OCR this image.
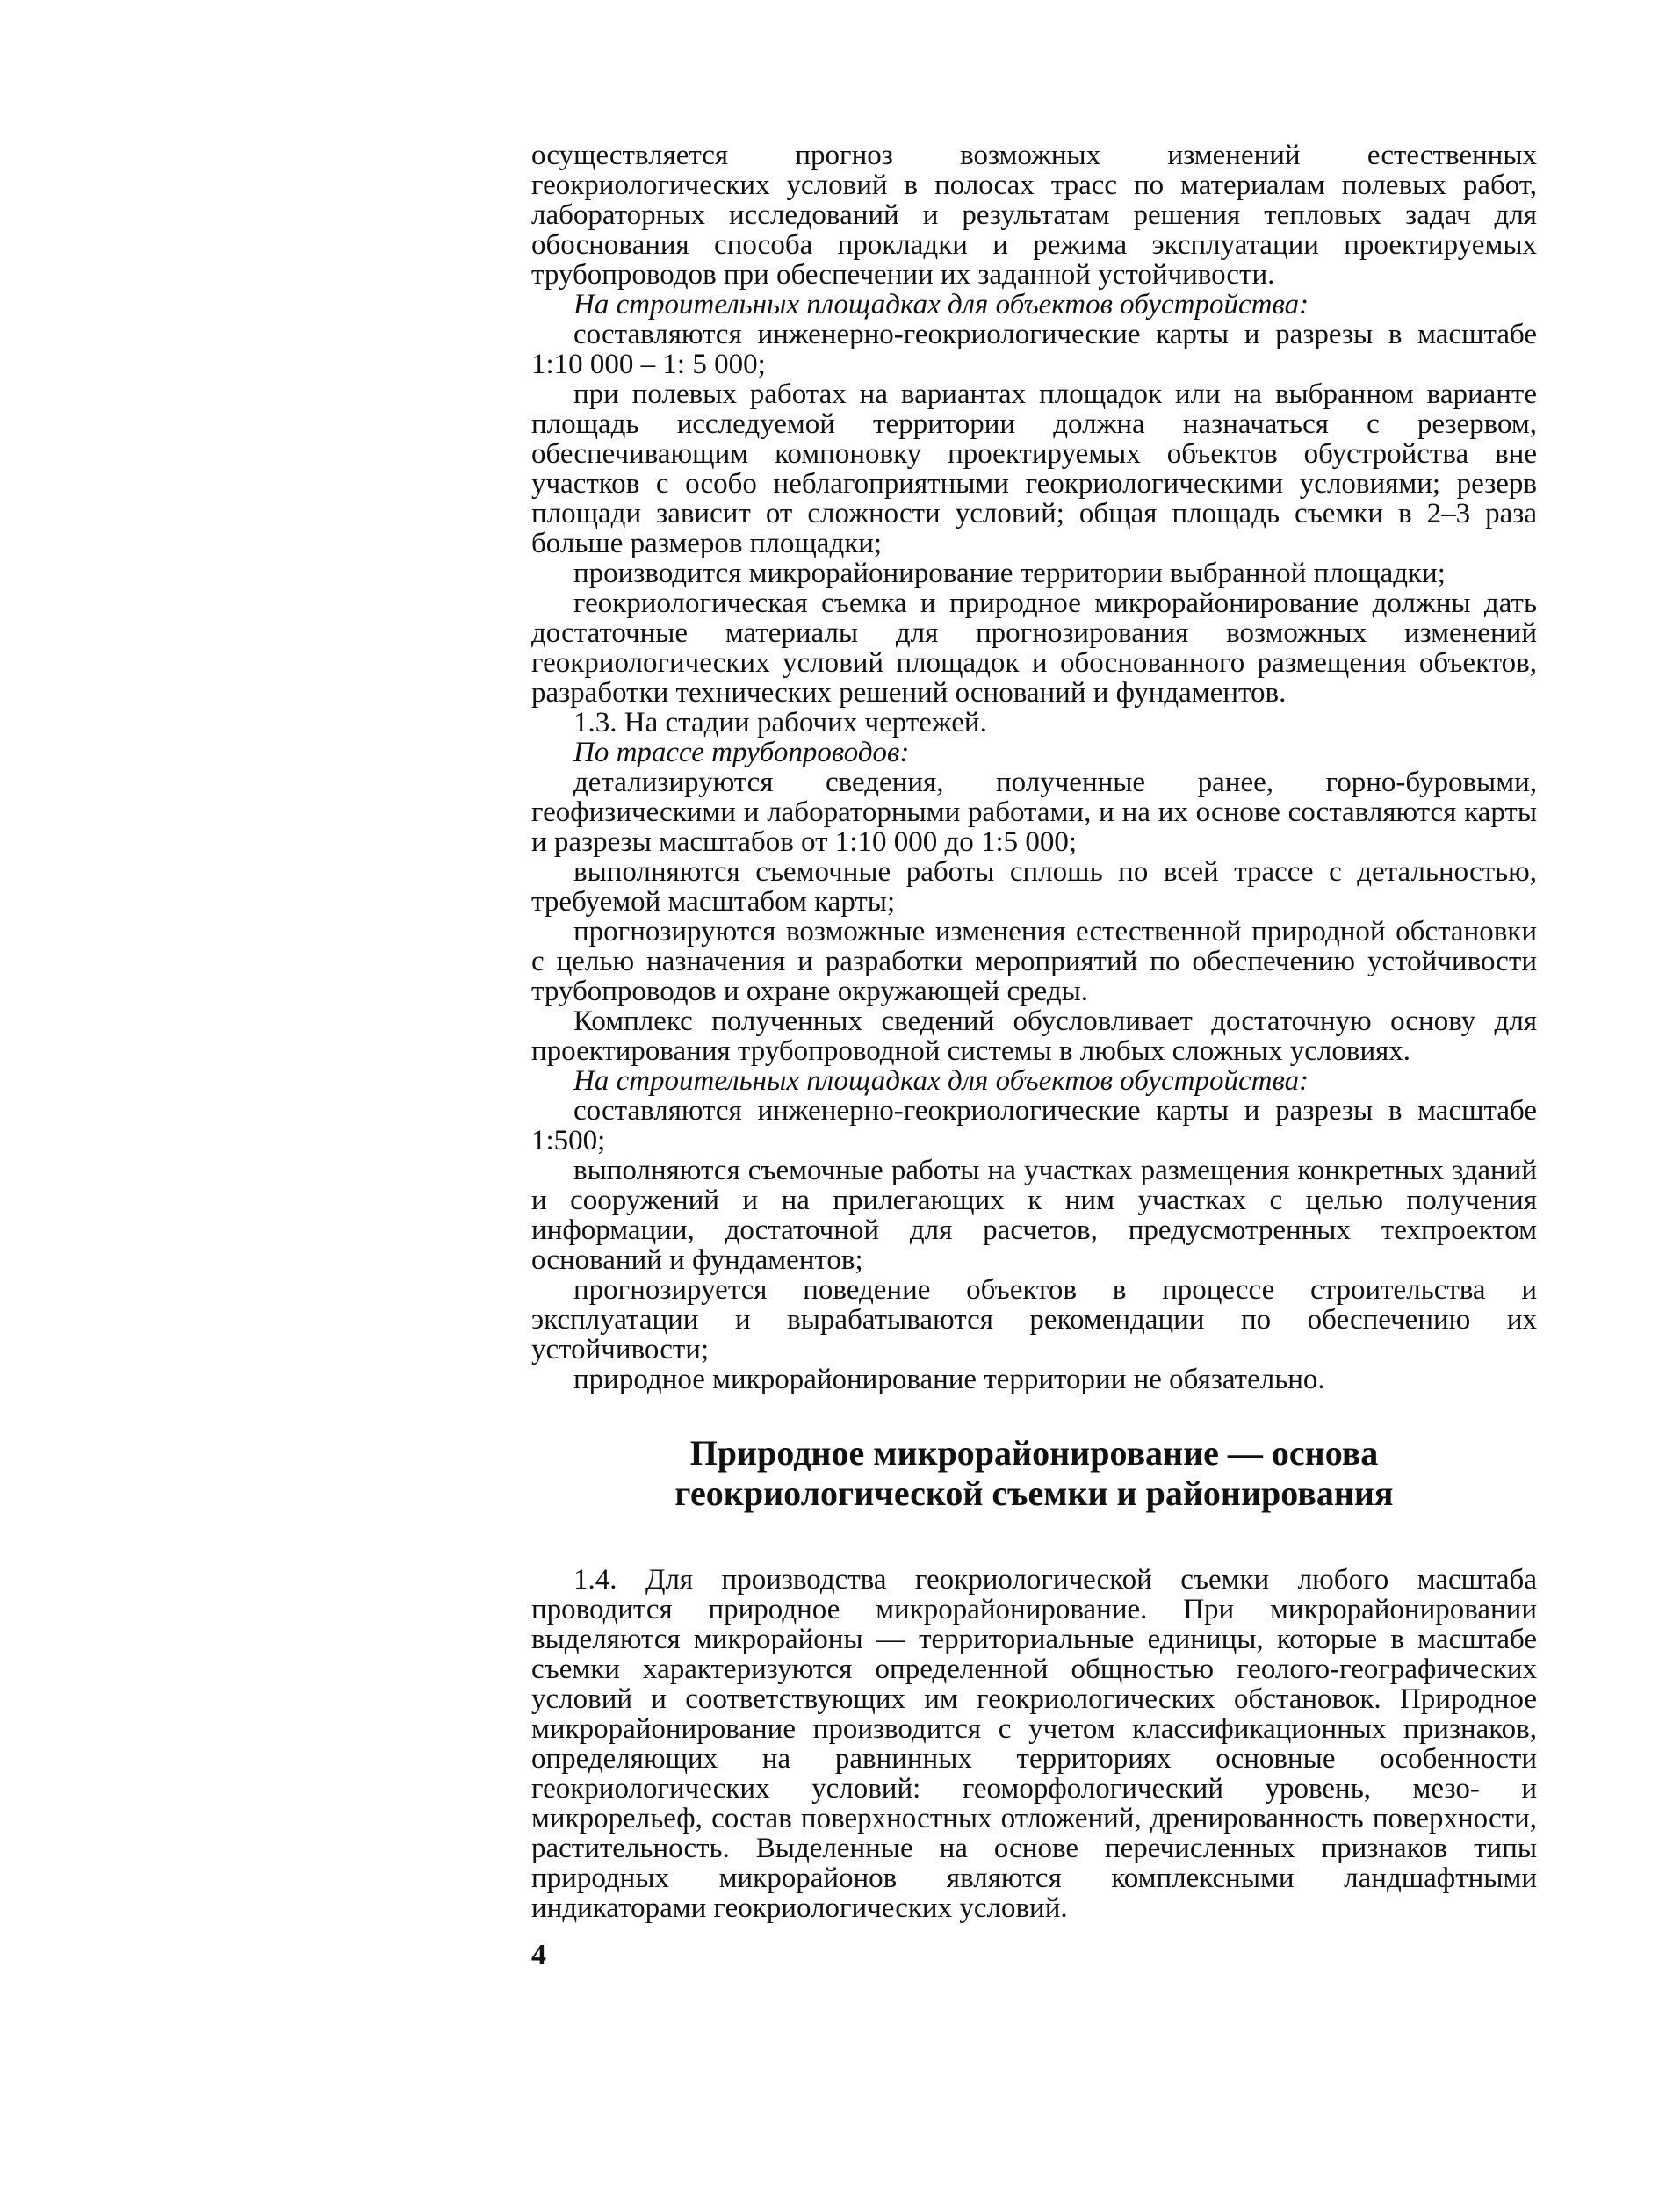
осуществляется прогноз возможных изменений естественных геокриологических условий в полосах трасс по материалам полевых работ, лабораторных исследований и результатам решения тепловых задач для обоснования способа прокладки и режима эксплуатации проектируемых трубопроводов при обеспечении их заданной устойчивости.

На строительных площадках для объектов обустройства:

составляются инженерно-геокриологические карты и разрезы в масштабе 1:10 000 – 1: 5 000;

при полевых работах на вариантах площадок или на выбранном варианте площадь исследуемой территории должна назначаться с резервом, обеспечивающим компоновку проектируемых объектов обустройства вне участков с особо неблагоприятными геокриологическими условиями; резерв площади зависит от сложности условий; общая площадь съемки в 2–3 раза больше размеров площадки;

производится микрорайонирование территории выбранной площадки;

геокриологическая съемка и природное микрорайонирование должны дать достаточные материалы для прогнозирования возможных изменений геокриологических условий площадок и обоснованного размещения объектов, разработки технических решений оснований и фундаментов.

1.3. На стадии рабочих чертежей.

По трассе трубопроводов:

детализируются сведения, полученные ранее, горно-буровыми, геофизическими и лабораторными работами, и на их основе составляются карты и разрезы масштабов от 1:10 000 до 1:5 000;

выполняются съемочные работы сплошь по всей трассе с детальностью, требуемой масштабом карты;

прогнозируются возможные изменения естественной природной обстановки с целью назначения и разработки мероприятий по обеспечению устойчивости трубопроводов и охране окружающей среды.

Комплекс полученных сведений обусловливает достаточную основу для проектирования трубопроводной системы в любых сложных условиях.

На строительных площадках для объектов обустройства:

составляются инженерно-геокриологические карты и разрезы в масштабе 1:500;

выполняются съемочные работы на участках размещения конкретных зданий и сооружений и на прилегающих к ним участках с целью получения информации, достаточной для расчетов, предусмотренных техпроектом оснований и фундаментов;

прогнозируется поведение объектов в процессе строительства и эксплуатации и вырабатываются рекомендации по обеспечению их устойчивости;

природное микрорайонирование территории не обязательно.

Природное микрорайонирование — основа
геокриологической съемки и районирования

1.4. Для производства геокриологической съемки любого масштаба проводится природное микрорайонирование. При микрорайонировании выделяются микрорайоны — территориальные единицы, которые в масштабе съемки характеризуются определенной общностью геолого-географических условий и соответствующих им геокриологических обстановок. Природное микрорайонирование производится с учетом классификационных признаков, определяющих на равнинных территориях основные особенности геокриологических условий: геоморфологический уровень, мезо- и микрорельеф, состав поверхностных отложений, дренированность поверхности, растительность. Выделенные на основе перечисленных признаков типы природных микрорайонов являются комплексными ландшафтными индикаторами геокриологических условий.

4
